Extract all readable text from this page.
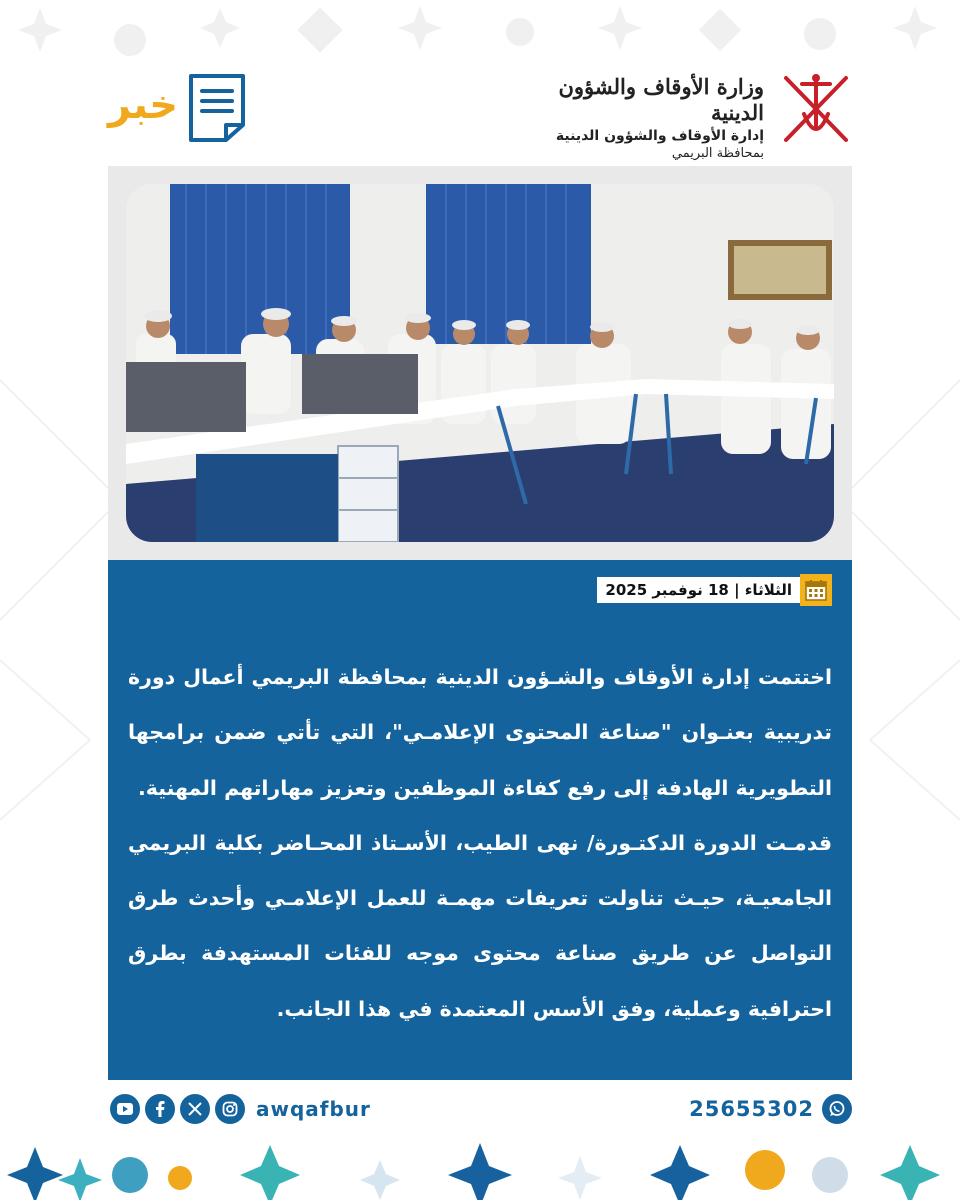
وزارة الأوقاف والشؤون الدينية
إدارة الأوقاف والشؤون الدينية
بمحافظة البريمي
خبر
الثلاثاء | 18 نوفمبر 2025

اختتمت إدارة الأوقاف والشـؤون الدينية بمحافظة البريمي أعمال دورة تدريبية بعنـوان "صناعة المحتوى الإعلامـي"، التي تأتي ضمن برامجها التطويرية الهادفة إلى رفع كفاءة الموظفين وتعزيز مهاراتهم المهنية.

قدمـت الدورة الدكتـورة/ نهى الطيب، الأسـتاذ المحـاضر بكلية البريمي الجامعيـة، حيـث تناولت تعريفات مهمـة للعمل الإعلامـي وأحدث طرق التواصل عن طريق صناعة محتوى موجه للفئات المستهدفة بطرق احترافية وعملية، وفق الأسس المعتمدة في هذا الجانب.

awqafbur	25655302
